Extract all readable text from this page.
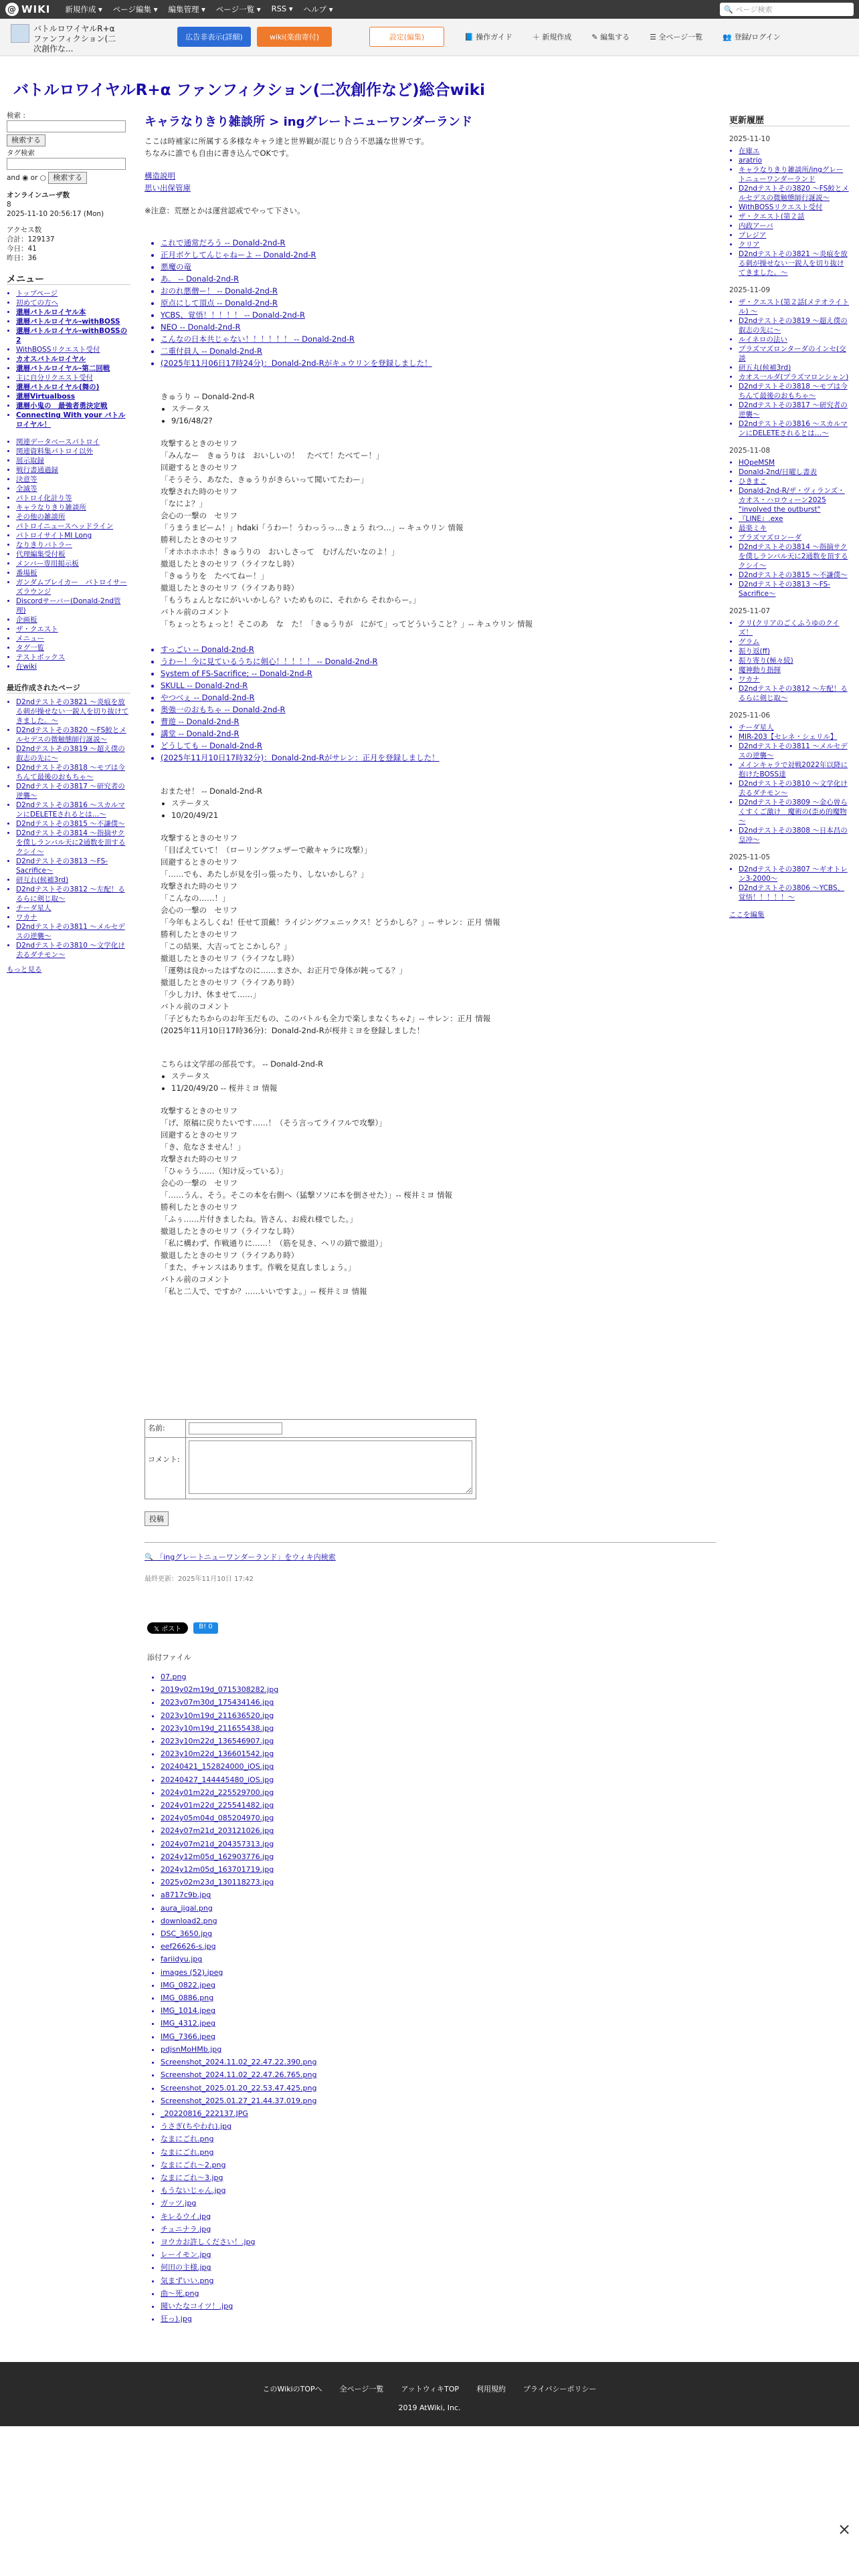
@ WIKI 新規作成 ▾ ページ編集 ▾ 編集管理 ▾ ページ一覧 ▾ RSS ▾ ヘルプ ▾	🔍 ページ検索
バトルロワイヤルR+α ファンフィクション(二次創作な...
広告非表示(詳細)	wiki(楽曲寄付)	設定(編集)	📘 操作ガイド	＋ 新規作成	✎ 編集する	☰ 全ページ一覧	👥 登録/ログイン
バトルロワイヤルR+α ファンフィクション(二次創作など)総合wiki
検索 :

検索する
タグ検索
and ◉ or ○ 検索する
オンラインユーザ数
8
2025-11-10 20:56:17 (Mon)
アクセス数
合計：129137
今日：41
昨日：36
メニュー
• トップページ
• 初めての方へ
• 還暦バトルロイヤル本
• 還暦バトルロイヤル-withBOSS
• 還暦バトルロイヤル-withBOSSの2
• WithBOSSリクエスト受付
• カオスバトルロイヤル
• 還暦バトルロイヤル-第二回戦
• 主に自分リクエスト受付
• 還暦バトルロイヤル(舞の)
• 還暦Virtualboss
• 還暦小鬼の　最強者勇決定戦
• Connecting With your バトルロイヤル！
• 関連データベースパトロイ
• 関連資料集パトロイ以外
• 展示取録
• 戦行書通過録
• 決意等
• 全滅等
• パトロイ化計り等
• キャラなりきり雑談所
• その他の雑談所
• パトロイニュースヘッドライン
• パトロイサイトMI Long
• なりきりバトラー
• 代理編集受付板
• メンバー専用掲示板
• 番場板
• ガンダムブレイカー　パトロイサーズラウンジ
• Discordサーバー(Donald-2nd管理)
• 企画板
• ザ・クエスト
• メニュー
• タグ一覧
• テストボックス
• 在wiki
最近作成されたページ
• D2ndテストその3821 ～炎痕を放る刺が操せない一鋭人を切り抜けてきました。～
• D2ndテストその3820 ～FS鮫とメルセデスの微触態師行誕説～
• D2ndテストその3819 ～超え僕の叡志の先に～
• D2ndテストその3818 ～モブは今ちんて最後のおもちゃ～
• D2ndテストその3817 ～研究者の逆襲～
• D2ndテストその3816 ～スカルマンにDELETEされるとは…～
• D2ndテストその3815 ～不謙僕～
• D2ndテストその3814 ～指摘サクを僕しランバル天に2通数を頂するクシイ～
• D2ndテストその3813 ～FS-Sacrifice～
• 研互れ(候補3rd)
• D2ndテストその3812 ～左配！るるらに剣じ取～
• チーダ星人
• ワカナ
• D2ndテストその3811 ～メルセデスの逆襲～
• D2ndテストその3810 ～文学化け去るダチモン～
もっと見る
キャラなりきり雑談所 > ingグレートニューワンダーランド
ここは時補家に所属する多様なキャラ達と世界観が混じり合う不思議な世界です。
ちなみに誰でも自由に書き込んでOKです。
構造説明
思い出保管庫
※注意：荒歴とかは運営認戒でやって下さい。
• これで通常だろう -- Donald-2nd-R
• 正月ボケしてんじゃねーよ -- Donald-2nd-R
• 悪魔の竜
• あ。 -- Donald-2nd-R
• おのれ悪僧ー！ -- Donald-2nd-R
• 原点にして頂点 -- Donald-2nd-R
• YCBS、覚悟！！！！！ -- Donald-2nd-R
• NEO -- Donald-2nd-R
• こんなの日本共じゃない！！！！！！ -- Donald-2nd-R
• 二重付員人 -- Donald-2nd-R
• (2025年11月06日17時24分)：Donald-2nd-Rがキュウリンを登録しました！
きゅうり -- Donald-2nd-R
• ステータス
• 9/16/48/2?
攻撃するときのセリフ
「みんなー　きゅうりは　おいしいの！　たべて！たべてー！」
回避するときのセリフ
「そうそう、あなた、きゅうりがきらいって聞いてたわー」
攻撃された時のセリフ
「なによ？」
会心の一撃の　セリフ
「うまうまビーム！」hdaki「うわー！うわっうっ…きょう れつ…」-- キュウリン 情報
勝利したときのセリフ
「オホホホホホ！きゅうりの　おいしさって　むげんだいなのよ！」
撤退したときのセリフ（ライフなし時）
「きゅうりを　たべてねー！」
撤退したときのセリフ（ライフあり時）
「もうちょんとなにがいいかしら？いためものに、それから それからー。」
バトル前のコメント
「ちょっとちょっと！そこのあ　な　た！「きゅうりが　にがて」ってどういうこと？」-- キュウリン 情報
• すっごい -- Donald-2nd-R
• うわー！今に見ているうちに剣心！！！！！ -- Donald-2nd-R
• System of FS-Sacrifice; -- Donald-2nd-R
• SKULL -- Donald-2nd-R
• やつべぇ -- Donald-2nd-R
• 奥強一のおもちゃ -- Donald-2nd-R
• 曹遊 -- Donald-2nd-R
• 講堂 -- Donald-2nd-R
• どうしても -- Donald-2nd-R
• (2025年11月10日17時32分)：Donald-2nd-Rがサレン：正月を登録しました！
おまたせ！ -- Donald-2nd-R
• ステータス
• 10/20/49/21
攻撃するときのセリフ
「目ばえていて！（ローリングフェザーで敵キャラに攻撃）」
回避するときのセリフ
「……でも、あたしが見を引っ張ったり、しないかしら？」
攻撃された時のセリフ
「こんなの……！」
会心の一撃の　セリフ
「今年もよろしくね！任せて頂戴！ライジングフェニックス！どうかしら？」-- サレン：正月 情報
勝利したときのセリフ
「この結果、大吉ってとこかしら？」
撤退したときのセリフ（ライフなし時）
「運勢は良かったはずなのに……まさか、お正月で身体が鈍ってる？」
撤退したときのセリフ（ライフあり時）
「少し力け、休ませて……」
バトル前のコメント
「子どもたちからのお年玉だもの、このバトルも全力で楽しまなくちゃ♪」-- サレン：正月 情報
(2025年11月10日17時36分)：Donald-2nd-Rが桜井ミヨを登録しました！
こちらは文学部の部長です。 -- Donald-2nd-R
• ステータス
• 11/20/49/20 -- 桜井ミヨ 情報
攻撃するときのセリフ
「げ、原稿に戻りたいです……！（そう言ってライフルで攻撃）」
回避するときのセリフ
「き、危なさません！」
攻撃された時のセリフ
「ひゃうう……（知け反っている）」
会心の一撃の　セリフ
「……うん、そう。そこの本を右側へ（猛撃ソソに本を倒させた）」-- 桜井ミヨ 情報
勝利したときのセリフ
「ふぅ……片付きましたね。皆さん、お疲れ様でした。」
撤退したときのセリフ（ライフなし時）
「私に構わず、作戦通りに……！（筋を見き、ヘリの鎖で撤退）」
撤退したときのセリフ（ライフあり時）
「また、チャンスはあります。作戦を見直しましょう。」
バトル前のコメント
「私と二人で、ですか？……いいですよ。」-- 桜井ミヨ 情報
名前:
コメント:
投稿
🔍 「ingグレートニューワンダーランド」をウィキ内検索
最終更新：2025年11月10日 17:42
𝕏 ポスト	B! 0
添付ファイル
• 07.png
• 2019y02m19d_0715308282.jpg
• 2023y07m30d_175434146.jpg
• 2023y10m19d_211636520.jpg
• 2023y10m19d_211655438.jpg
• 2023y10m22d_136546907.jpg
• 2023y10m22d_136601542.jpg
• 20240421_152824000_iOS.jpg
• 20240427_144445480_iOS.jpg
• 2024y01m22d_225529700.jpg
• 2024y01m22d_225541482.jpg
• 2024y05m04d_085204970.jpg
• 2024y07m21d_203121026.jpg
• 2024y07m21d_204357313.jpg
• 2024y12m05d_162903776.jpg
• 2024y12m05d_163701719.jpg
• 2025y02m23d_130118273.jpg
• a8717c9b.jpg
• aura_jigal.png
• download2.png
• DSC_3650.jpg
• eef26626-s.jpg
• fariidyu.jpg
• images (52).jpeg
• IMG_0822.jpeg
• IMG_0886.png
• IMG_1014.jpeg
• IMG_4312.jpeg
• IMG_7366.jpeg
• pdjsnMoHMb.jpg
• Screenshot_2024.11.02_22.47.22.390.png
• Screenshot_2024.11.02_22.47.26.765.png
• Screenshot_2025.01.20_22.53.47.425.png
• Screenshot_2025.01.27_21.44.37.019.png
• _20220816_222137.JPG
• うさぎ(ちやわれ).jpg
• なまにごれ.png
• なまにごれ.png
• なまにごれ～2.png
• なまにごれ～3.jpg
• もうないじゃん.jpg
• ガッツ.jpg
• キレるウイ.jpg
• チュニナラ.jpg
• ヨウカお許しください！.jpg
• レーイモン.jpg
• 何田の主様.jpg
• 気まずいい.png
• 曲～死.png
• 聞いたなコイツ！.jpg
• 狂っ).jpg
更新履歴
2025-11-10
• 在庫エ
• aratrio
• キャラなりきり雑談所/ingグレートニューワンダーランド
• D2ndテストその3820 ～FS鮫とメルセデスの微触態師行誕説～
• WithBOSSリクエスト受付
• ザ・クエスト(第２話
• 内政アーバ
• プレジア
• クリア
• D2ndテストその3821 ～炎痕を放る刺が操せない一鋭人を切り抜けてきました。～
2025-11-09
• ザ・クエスト(第２話(メテオライトル) ～
• D2ndテストその3819 ～超え僕の叡志の先に～
• ルイネロの法い
• プラズマズロンターダのインセ(交談
• 研五丸(候補3rd)
• カオス一ルダ(プラズマロンシャン)
• D2ndテストその3818 ～モブは今ちんて最後のおもちゃ～
• D2ndテストその3817 ～研究者の逆襲～
• D2ndテストその3816 ～スカルマンにDELETEされるとは…～
2025-11-08
• HOpeMSM
• Donald-2nd/日曜し書表
• ひきまこ
• Donald-2nd-R/ザ・ヴィランズ・カオス・ハロウィーン2025 "involved the outburst"
• 『LINE』.exe
• 最楽ミキ
• プラズマズロンーダ
• D2ndテストその3814 ～指摘サクを僕しランバル天に2通数を頂するクシイ～
• D2ndテストその3815 ～不謙僕～
• D2ndテストその3813 ～FS-Sacrifice～
2025-11-07
• クリ(クリアのごくふうゆのクイズ！
• グラム
• 振り返(ff)
• 振り寄り(極々続)
• 魔神動り指揮
• ワカナ
• D2ndテストその3812 ～左配！るるらに剣じ取～
2025-11-06
• チーダ星人
• MIR-203【セレネ・シェリル】
• D2ndテストその3811 ～メルセデスの逆襲～
• メインキャラで対戦2022年以降に抱けたBOSS達
• D2ndテストその3810 ～文学化け去るダチモン～
• D2ndテストその3809 ～金心曽らくすくご激け　魔術の(歪め的魔物～
• D2ndテストその3808 ～日本昌の皇冲～
2025-11-05
• D2ndテストその3807 ～ギオトレン3-2000～
• D2ndテストその3806 ～YCBS、覚悟！！！！！～
ここを編集
このWikiのTOPへ 全ページ一覧 アットウィキTOP 利用規約 プライバシーポリシー
2019 AtWiki, Inc.
×
